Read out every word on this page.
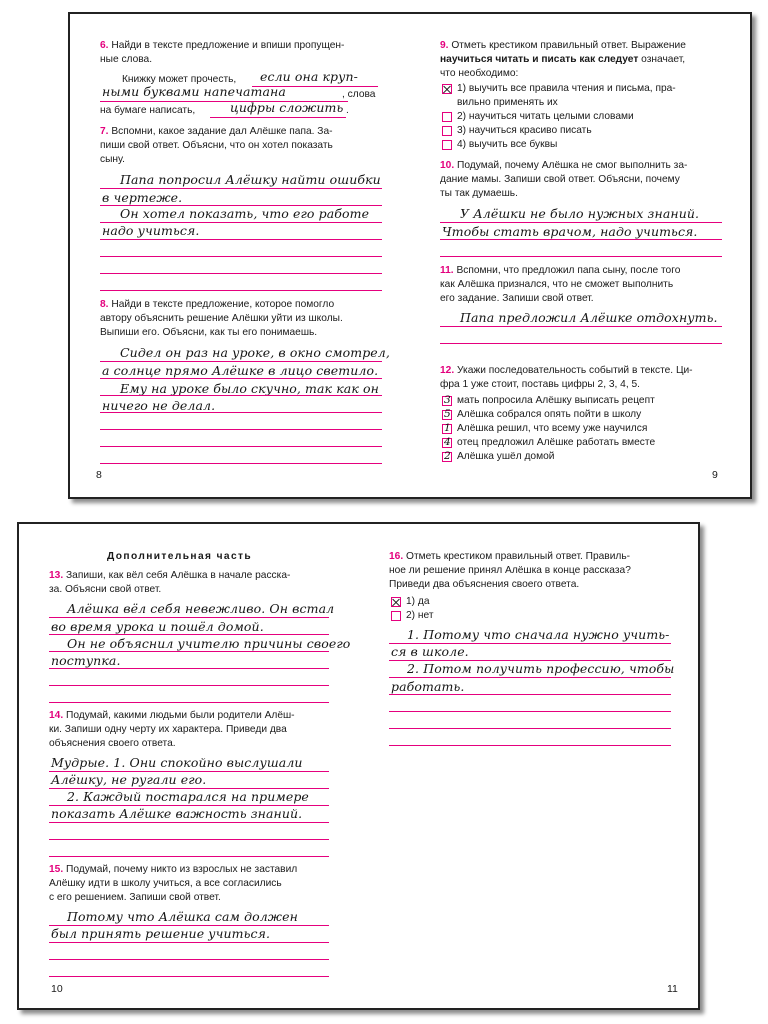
6. Найди в тексте предложение и впиши пропущен-
ные слова.
Книжку может прочесть, если она круп-
ными буквами напечатана	, слова
на бумаге написать,	цифры сложить .
7. Вспомни, какое задание дал Алёшке папа. За-
пиши свой ответ. Объясни, что он хотел показать
сыну.
Папа попросил Алёшку найти ошибки
в чертеже.
Он хотел показать, что его работе
надо учиться.
8. Найди в тексте предложение, которое помогло
автору объяснить решение Алёшки уйти из школы.
Выпиши его. Объясни, как ты его понимаешь.
Сидел он раз на уроке, в окно смотрел,
а солнце прямо Алёшке в лицо светило.
Ему на уроке было скучно, так как он
ничего не делал.
8
9. Отметь крестиком правильный ответ. Выражение
научиться читать и писать как следует означает,
что необходимо:
1) выучить все правила чтения и письма, пра-
вильно применять их
2) научиться читать целыми словами
3) научиться красиво писать
4) выучить все буквы
10. Подумай, почему Алёшка не смог выполнить за-
дание мамы. Запиши свой ответ. Объясни, почему
ты так думаешь.
У Алёшки не было нужных знаний.
Чтобы стать врачом, надо учиться.
11. Вспомни, что предложил папа сыну, после того
как Алёшка признался, что не сможет выполнить
его задание. Запиши свой ответ.
Папа предложил Алёшке отдохнуть.
12. Укажи последовательность событий в тексте. Ци-
фра 1 уже стоит, поставь цифры 2, 3, 4, 5.
3 мать попросила Алёшку выписать рецепт
5 Алёшка собрался опять пойти в школу
1 Алёшка решил, что всему уже научился
4 отец предложил Алёшке работать вместе
2 Алёшка ушёл домой
9
Дополнительная часть
13. Запиши, как вёл себя Алёшка в начале расска-
за. Объясни свой ответ.
Алёшка вёл себя невежливо. Он встал
во время урока и пошёл домой.
Он не объяснил учителю причины своего
поступка.
14. Подумай, какими людьми были родители Алёш-
ки. Запиши одну черту их характера. Приведи два
объяснения своего ответа.
Мудрые. 1. Они спокойно выслушали
Алёшку, не ругали его.
2. Каждый постарался на примере
показать Алёшке важность знаний.
15. Подумай, почему никто из взрослых не заставил
Алёшку идти в школу учиться, а все согласились
с его решением. Запиши свой ответ.
Потому что Алёшка сам должен
был принять решение учиться.
10
16. Отметь крестиком правильный ответ. Правиль-
ное ли решение принял Алёшка в конце рассказа?
Приведи два объяснения своего ответа.
1) да
2) нет
1. Потому что сначала нужно учить-
ся в школе.
2. Потом получить профессию, чтобы
работать.
11
